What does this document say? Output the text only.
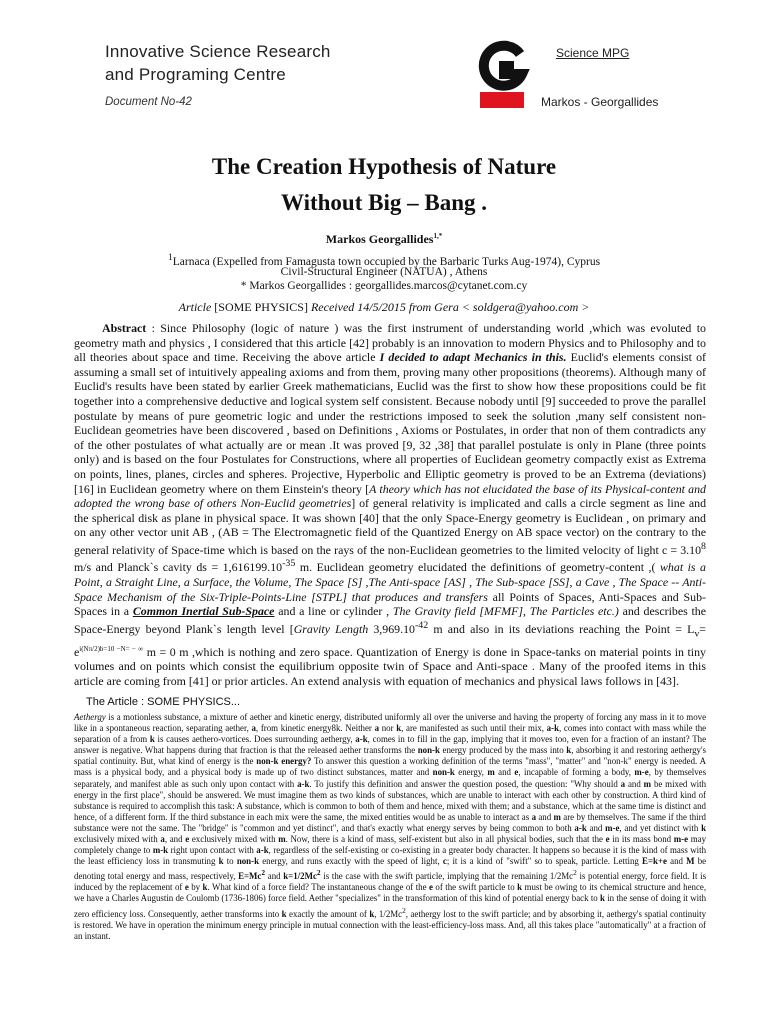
Innovative Science Research
and Programing Centre
Document No-42
Science MPG
Markos - Georgallides
The Creation Hypothesis of Nature
Without Big – Bang .
Markos Georgallides$^{1,*}$
$^1$Larnaca (Expelled from Famagusta town occupied by the Barbaric Turks Aug-1974), Cyprus
Civil-Structural Engineer (NATUA) , Athens
* Markos Georgallides : georgallides.marcos@cytanet.com.cy
Article [SOME PHYSICS] Received 14/5/2015 from Gera < soldgera@yahoo.com >
Abstract : Since Philosophy (logic of nature ) was the first instrument of understanding world ,which was evoluted to geometry math and physics , I considered that this article [42] probably is an innovation to modern Physics and to Philosophy and to all theories about space and time. Receiving the above article I decided to adapt Mechanics in this. Euclid's elements consist of assuming a small set of intuitively appealing axioms and from them, proving many other propositions (theorems). Although many of Euclid's results have been stated by earlier Greek mathematicians, Euclid was the first to show how these propositions could be fit together into a comprehensive deductive and logical system self consistent. Because nobody until [9] succeeded to prove the parallel postulate by means of pure geometric logic and under the restrictions imposed to seek the solution ,many self consistent non-Euclidean geometries have been discovered , based on Definitions , Axioms or Postulates, in order that non of them contradicts any of the other postulates of what actually are or mean .It was proved [9, 32 ,38] that parallel postulate is only in Plane (three points only) and is based on the four Postulates for Constructions, where all properties of Euclidean geometry compactly exist as Extrema on points, lines, planes, circles and spheres. Projective, Hyperbolic and Elliptic geometry is proved to be an Extrema (deviations) [16] in Euclidean geometry where on them Einstein's theory [A theory which has not elucidated the base of its Physical-content and adopted the wrong base of others Non-Euclid geometries] of general relativity is implicated and calls a circle segment as line and the spherical disk as plane in physical space. It was shown [40] that the only Space-Energy geometry is Euclidean , on primary and on any other vector unit AB , (AB = The Electromagnetic field of the Quantized Energy on AB space vector) on the contrary to the general relativity of Space-time which is based on the rays of the non-Euclidean geometries to the limited velocity of light $c = 3.10^8$ m/s and Planck`s cavity ds = $1,616199.10^{-35}$ m. Euclidean geometry elucidated the definitions of geometry-content ,( what is a Point, a Straight Line, a Surface, the Volume, The Space [S] ,The Anti-space [AS] , The Sub-space [SS], a Cave , The Space -- Anti-Space Mechanism of the Six-Triple-Points-Line [STPL] that produces and transfers all Points of Spaces, Anti-Spaces and Sub-Spaces in a Common Inertial Sub-Space and a line or cylinder , The Gravity field [MFMF], The Particles etc.) and describes the Space-Energy beyond Plank`s length level [Gravity Length $3,969.10^{-42}$ m and also in its deviations reaching the Point = $L_v= e^{i(N\pi/2)b=10 -N= - \infty}$ m = 0 m ,which is nothing and zero space. Quantization of Energy is done in Space-tanks on material points in tiny volumes and on points which consist the equilibrium opposite twin of Space and Anti-space . Many of the proofed items in this article are coming from [41] or prior articles. An extend analysis with equation of mechanics and physical laws follows in [43].
The Article : SOME PHYSICS...
Aethergy is a motionless substance, a mixture of aether and kinetic energy, distributed uniformly all over the universe and having the property of forcing any mass in it to move like in a spontaneous reaction, separating aether, a, from kinetic energy8k. Neither a nor k, are manifested as such until their mix, a-k, comes into contact with mass while the separation of a from k is causes aethero-vortices. Does surrounding aethergy, a-k, comes in to fill in the gap, implying that it moves too, even for a fraction of an instant? The answer is negative. What happens during that fraction is that the released aether transforms the non-k energy produced by the mass into k, absorbing it and restoring aethergy's spatial continuity. But, what kind of energy is the non-k energy? To answer this question a working definition of the terms "mass", "matter" and "non-k" energy is needed. A mass is a physical body, and a physical body is made up of two distinct substances, matter and non-k energy, m and e, incapable of forming a body, m-e, by themselves separately, and manifest able as such only upon contact with a-k. To justify this definition and answer the question posed, the question: "Why should a and m be mixed with energy in the first place", should be answered. We must imagine them as two kinds of substances, which are unable to interact with each other by construction. A third kind of substance is required to accomplish this task: A substance, which is common to both of them and hence, mixed with them; and a substance, which at the same time is distinct and hence, of a different form. If the third substance in each mix were the same, the mixed entities would be as unable to interact as a and m are by themselves. The same if the third substance were not the same. The "bridge" is "common and yet distinct", and that's exactly what energy serves by being common to both a-k and m-e, and yet distinct with k exclusively mixed with a, and e exclusively mixed with m. Now, there is a kind of mass, self-existent but also in all physical bodies, such that the e in its mass bond m-e may completely change to m-k right upon contact with a-k, regardless of the self-existing or co-existing in a greater body character. It happens so because it is the kind of mass with the least efficiency loss in transmuting k to non-k energy, and runs exactly with the speed of light, c; it is a kind of "swift" so to speak, particle. Letting E=k+e and M be denoting total energy and mass, respectively, $E=Mc^2$ and $k=1/2Mc^2$ is the case with the swift particle, implying that the remaining 1/2Mc$^2$ is potential energy, force field. It is induced by the replacement of e by k. What kind of a force field? The instantaneous change of the e of the swift particle to k must be owing to its chemical structure and hence, we have a Charles Augustin de Coulomb (1736-1806) force field. Aether "specializes" in the transformation of this kind of potential energy back to k in the sense of doing it with zero efficiency loss. Consequently, aether transforms into k exactly the amount of k, 1/2Mc$^2$, aethergy lost to the swift particle; and by absorbing it, aethergy's spatial continuity is restored. We have in operation the minimum energy principle in mutual connection with the least-efficiency-loss mass. And, all this takes place "automatically" at a fraction of an instant.
